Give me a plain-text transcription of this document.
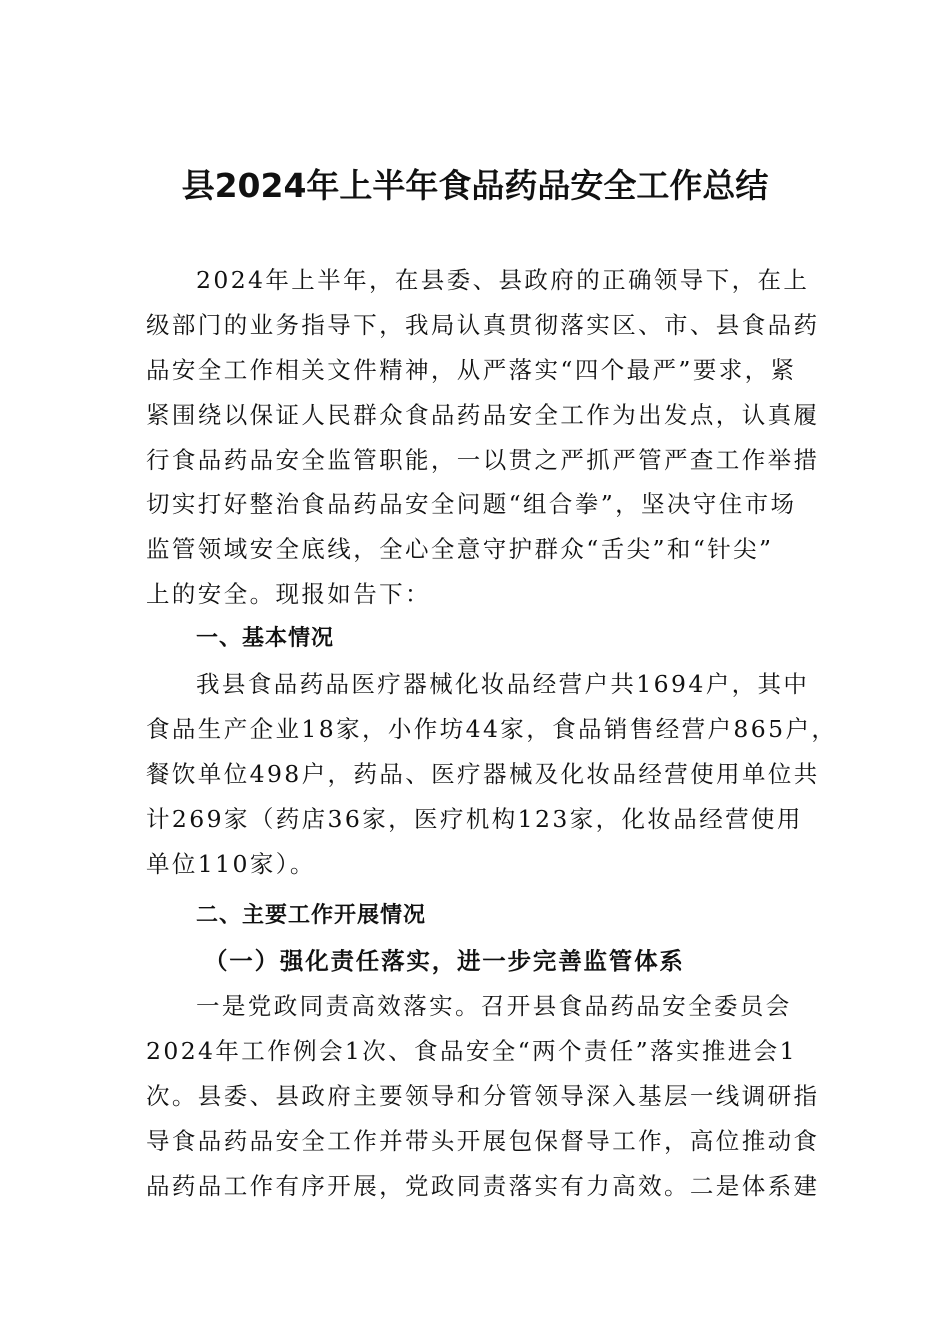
县2024年上半年食品药品安全工作总结
2024年上半年，在县委、县政府的正确领导下，在上
级部门的业务指导下，我局认真贯彻落实区、市、县食品药
品安全工作相关文件精神，从严落实“四个最严”要求，紧
紧围绕以保证人民群众食品药品安全工作为出发点，认真履
行食品药品安全监管职能，一以贯之严抓严管严查工作举措
切实打好整治食品药品安全问题“组合拳”，坚决守住市场
监管领域安全底线，全心全意守护群众“舌尖”和“针尖”
上的安全。现报如告下：
一、基本情况
我县食品药品医疗器械化妆品经营户共1694户，其中
食品生产企业18家，小作坊44家，食品销售经营户865户，
餐饮单位498户，药品、医疗器械及化妆品经营使用单位共
计269家（药店36家，医疗机构123家，化妆品经营使用
单位110家）。
二、主要工作开展情况
（一）强化责任落实，进一步完善监管体系
一是党政同责高效落实。召开县食品药品安全委员会
2024年工作例会1次、食品安全“两个责任”落实推进会1
次。县委、县政府主要领导和分管领导深入基层一线调研指
导食品药品安全工作并带头开展包保督导工作，高位推动食
品药品工作有序开展，党政同责落实有力高效。二是体系建
